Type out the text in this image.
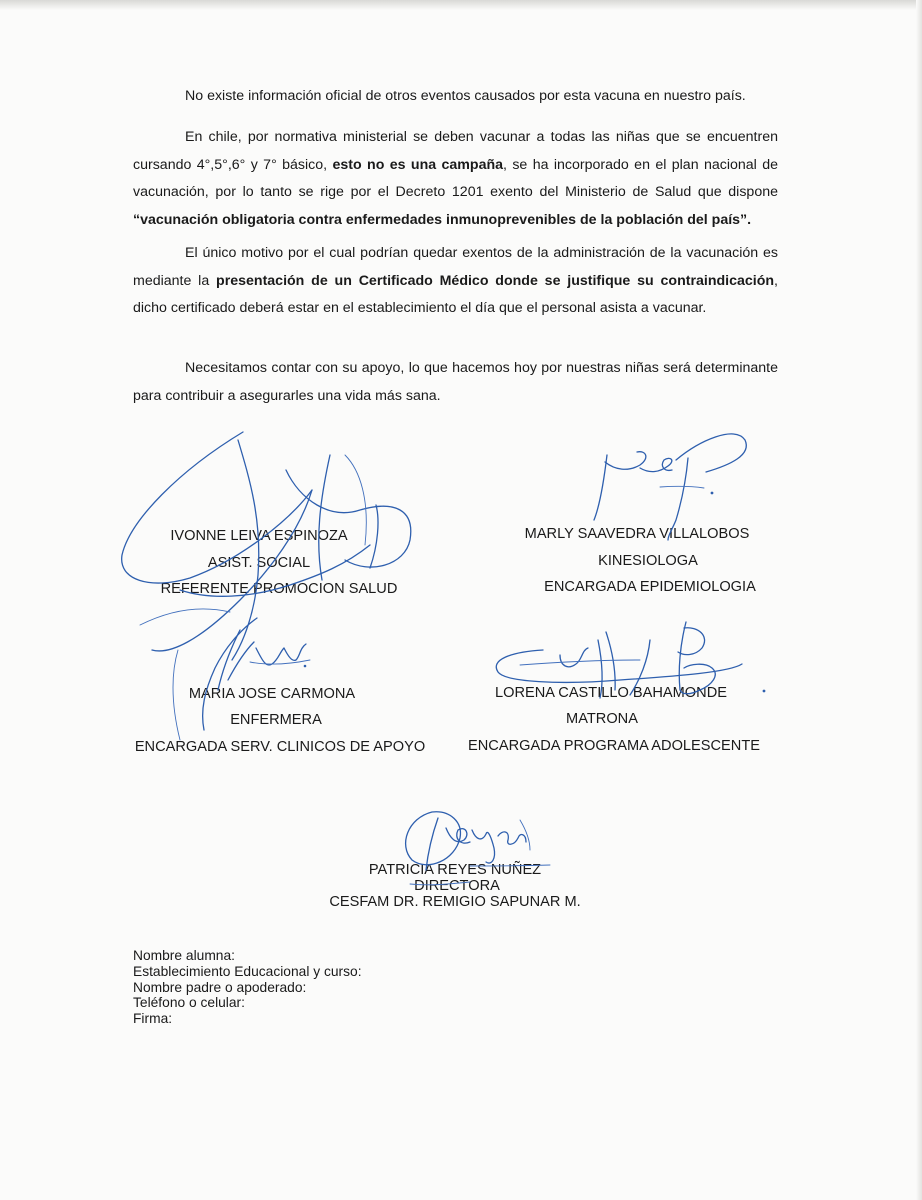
No existe información oficial de otros eventos causados por esta vacuna en nuestro país.

En chile, por normativa ministerial se deben vacunar a todas las niñas que se encuentren cursando 4°,5°,6° y 7° básico, esto no es una campaña, se ha incorporado en el plan nacional de vacunación, por lo tanto se rige por el Decreto 1201 exento del Ministerio de Salud que dispone “vacunación obligatoria contra enfermedades inmunoprevenibles de la población del país”.

El único motivo por el cual podrían quedar exentos de la administración de la vacunación es mediante la presentación de un Certificado Médico donde se justifique su contraindicación, dicho certificado deberá estar en el establecimiento el día que el personal asista a vacunar.

Necesitamos contar con su apoyo, lo que hacemos hoy por nuestras niñas será determinante para contribuir a asegurarles una vida más sana.

IVONNE LEIVA ESPINOZA
ASIST. SOCIAL
REFERENTE PROMOCION SALUD
MARLY SAAVEDRA VILLALOBOS
KINESIOLOGA
ENCARGADA EPIDEMIOLOGIA
MARIA JOSE CARMONA
ENFERMERA
ENCARGADA SERV. CLINICOS DE APOYO
LORENA CASTILLO BAHAMONDE
MATRONA
ENCARGADA PROGRAMA ADOLESCENTE
PATRICIA REYES NUÑEZ
DIRECTORA
CESFAM DR. REMIGIO SAPUNAR M.
Nombre alumna:
Establecimiento Educacional y curso:
Nombre padre o apoderado:
Teléfono o celular:
Firma:
